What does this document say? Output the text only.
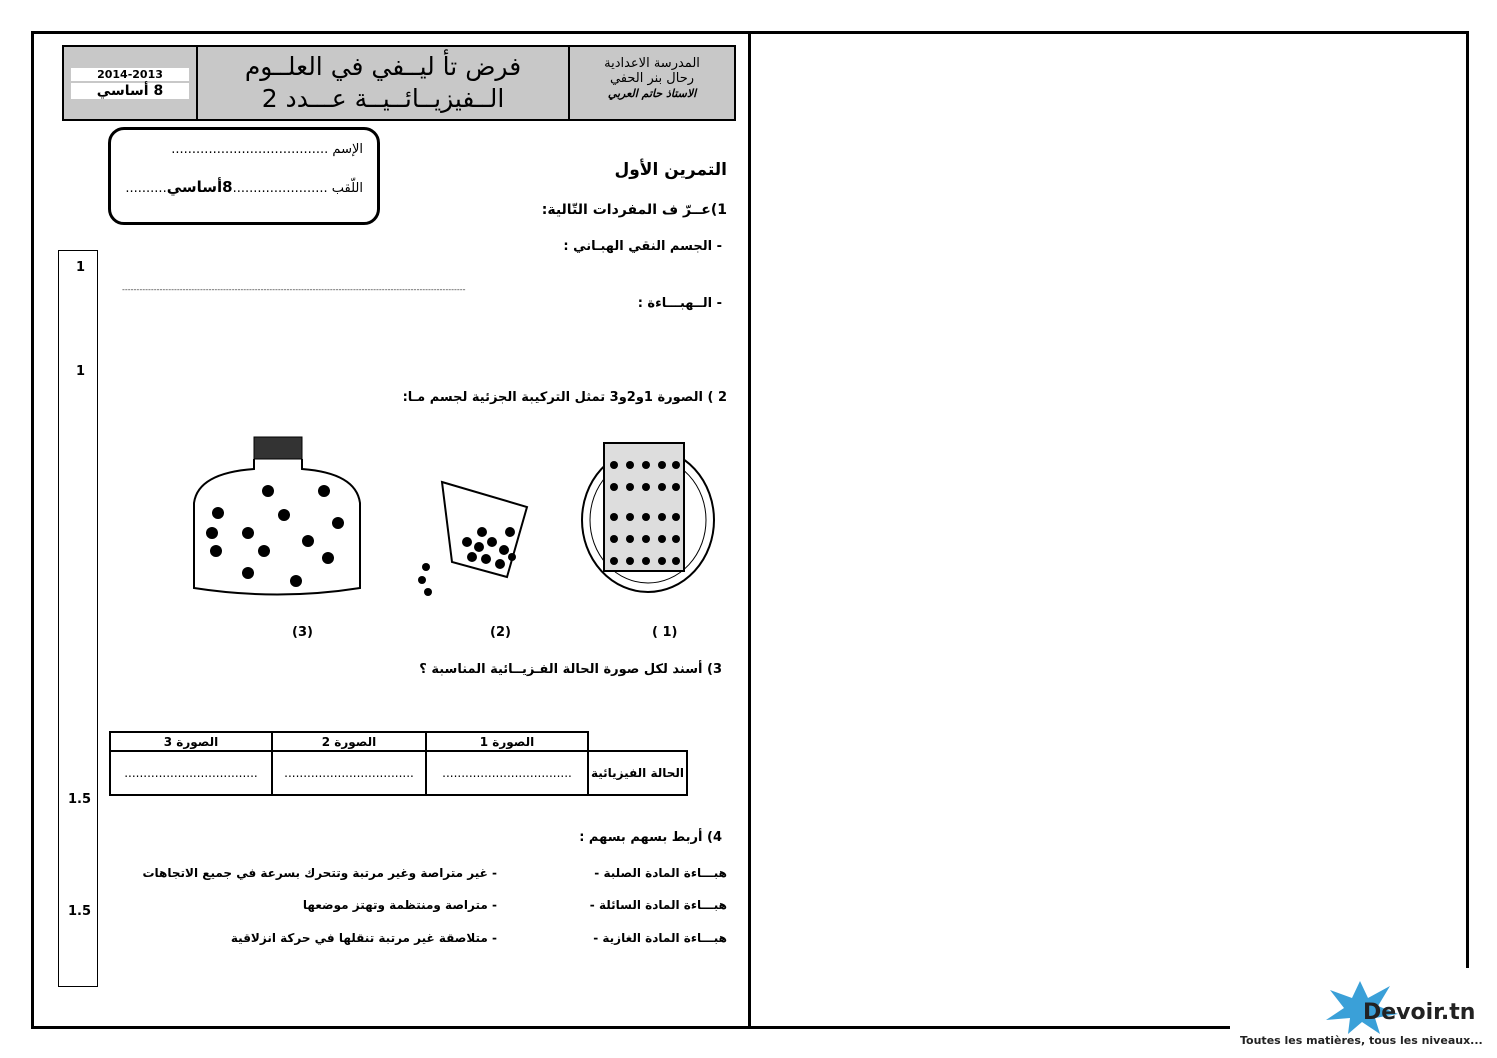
2014-2013
8 أساسي
فرض تأ ليــفي في العلــوم
الــفيزيــائــيــة عـــدد 2
المدرسة الاعدادية
رحال بنر الحفي
الاستاذ حاتم العربي
الإسم ......................................
اللّقب .......................8أساسي..........
التمرين الأول
1)عــرّ ف المفردات التّالية:
- الجسم النقي الهبـاني :
-----------------------------------------------------------------------------------------------------------------------
- الــهبـــاءة :
2 ) الصورة 1و2و3 تمثل التركيبة الجزئية لجسم مـا:
1
1
1.5
1.5
( 1)
(2)
(3)
3) أسند لكل صورة الحالة الفـزيــائية المناسبة ؟
	الصورة 1	الصورة 2	الصورة 3
الحالة الفيزيائية	..................................	..................................	...................................
4) أربط بسهم بسهم :
هبـــاءة المادة الصلبة -
هبـــاءة المادة السائلة -
هبـــاءة المادة الغازية -
- غير متراصة وغير مرتبة وتتحرك بسرعة في جميع الاتجاهات
- متراصة ومنتظمة وتهتز موضعها
- متلاصقة غير مرتبة تنقلها في حركة انزلاقية
Devoir.tn
Toutes les matières, tous les niveaux...
